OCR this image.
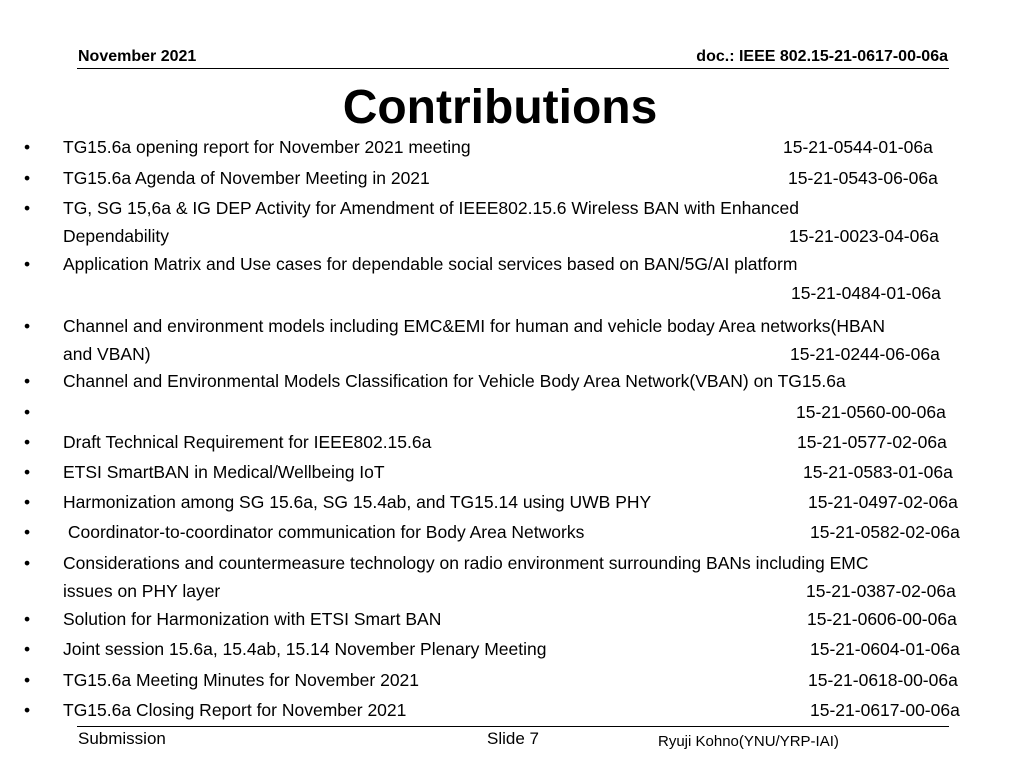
November 2021	doc.: IEEE 802.15-21-0617-00-06a
Contributions
• TG15.6a opening report for November 2021 meeting	15-21-0544-01-06a
• TG15.6a Agenda of November Meeting in 2021	15-21-0543-06-06a
• TG, SG 15,6a & IG DEP Activity for Amendment of IEEE802.15.6 Wireless BAN with Enhanced
Dependability	15-21-0023-04-06a
• Application Matrix and Use cases for dependable social services based on BAN/5G/AI platform
15-21-0484-01-06a
• Channel and environment models including EMC&EMI for human and vehicle boday Area networks(HBAN
and VBAN)	15-21-0244-06-06a
• Channel and Environmental Models Classification for Vehicle Body Area Network(VBAN) on TG15.6a
•	15-21-0560-00-06a
• Draft Technical Requirement for IEEE802.15.6a	15-21-0577-02-06a
• ETSI SmartBAN in Medical/Wellbeing IoT	15-21-0583-01-06a
• Harmonization among SG 15.6a, SG 15.4ab, and TG15.14 using UWB PHY	15-21-0497-02-06a
• Coordinator-to-coordinator communication for Body Area Networks	15-21-0582-02-06a
• Considerations and countermeasure technology on radio environment surrounding BANs including EMC
issues on PHY layer	15-21-0387-02-06a
• Solution for Harmonization with ETSI Smart BAN	15-21-0606-00-06a
• Joint session 15.6a, 15.4ab, 15.14 November Plenary Meeting	15-21-0604-01-06a
• TG15.6a Meeting Minutes for November 2021	15-21-0618-00-06a
• TG15.6a Closing Report for November 2021	15-21-0617-00-06a
Submission	Slide 7	Ryuji Kohno(YNU/YRP-IAI)
